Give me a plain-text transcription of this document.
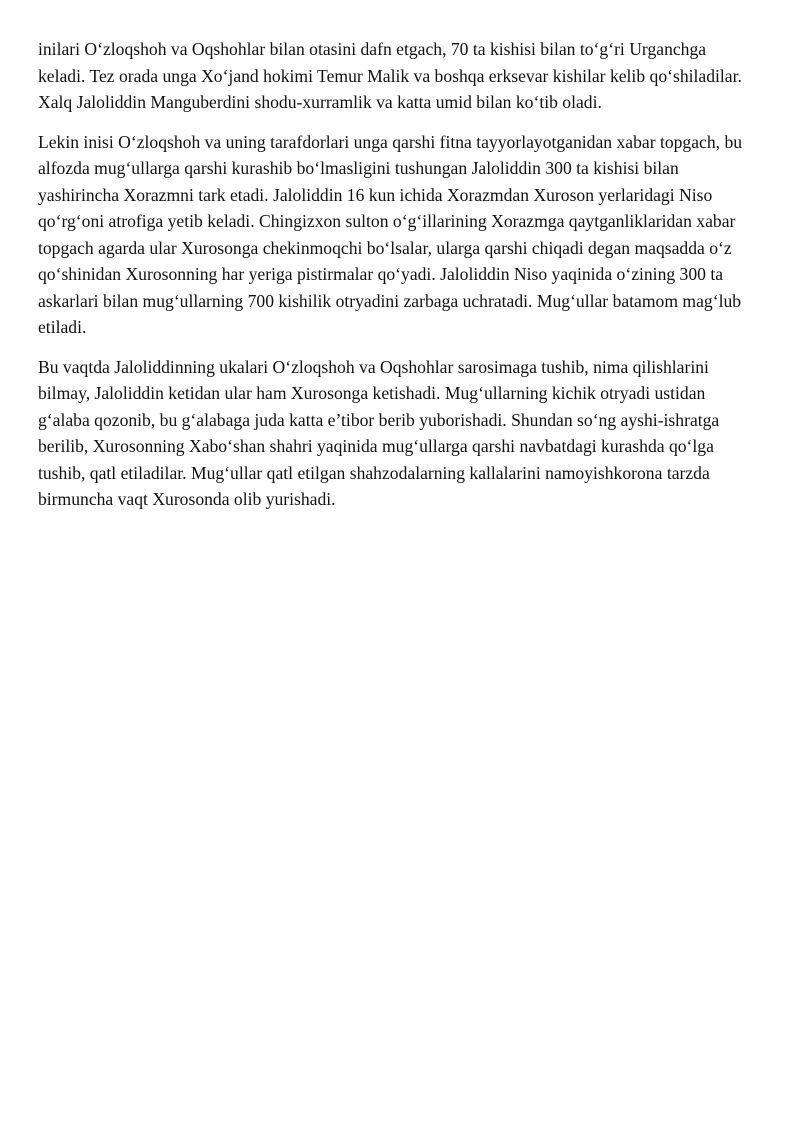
inilari O‘zloqshoh va Oqshohlar bilan otasini dafn etgach, 70 ta kishisi bilan to‘g‘ri Urganchga keladi. Tez orada unga Xo‘jand hokimi Temur Malik va boshqa erksevar kishilar kelib qo‘shiladilar. Xalq Jaloliddin Manguberdini shodu-xurramlik va katta umid bilan ko‘tib oladi.

Lekin inisi O‘zloqshoh va uning tarafdorlari unga qarshi fitna tayyorlayotganidan xabar topgach, bu alfozda mug‘ullarga qarshi kurashib bo‘lmasligini tushungan Jaloliddin 300 ta kishisi bilan yashirincha Xorazmni tark etadi. Jaloliddin 16 kun ichida Xorazmdan Xuroson yerlaridagi Niso qo‘rg‘oni atrofiga yetib keladi. Chingizxon sulton o‘g‘illarining Xorazmga qaytganliklaridan xabar topgach agarda ular Xurosonga chekinmoqchi bo‘lsalar, ularga qarshi chiqadi degan maqsadda o‘z qo‘shinidan Xurosonning har yeriga pistirmalar qo‘yadi. Jaloliddin Niso yaqinida o‘zining 300 ta askarlari bilan mug‘ullarning 700 kishilik otryadini zarbaga uchratadi. Mug‘ullar batamom mag‘lub etiladi.

Bu vaqtda Jaloliddinning ukalari O‘zloqshoh va Oqshohlar sarosimaga tushib, nima qilishlarini bilmay, Jaloliddin ketidan ular ham Xurosonga ketishadi. Mug‘ullarning kichik otryadi ustidan g‘alaba qozonib, bu g‘alabaga juda katta e’tibor berib yuborishadi. Shundan so‘ng ayshi-ishratga berilib, Xurosonning Xabo‘shan shahri yaqinida mug‘ullarga qarshi navbatdagi kurashda qo‘lga tushib, qatl etiladilar. Mug‘ullar qatl etilgan shahzodalarning kallalarini namoyishkorona tarzda birmuncha vaqt Xurosonda olib yurishadi.
